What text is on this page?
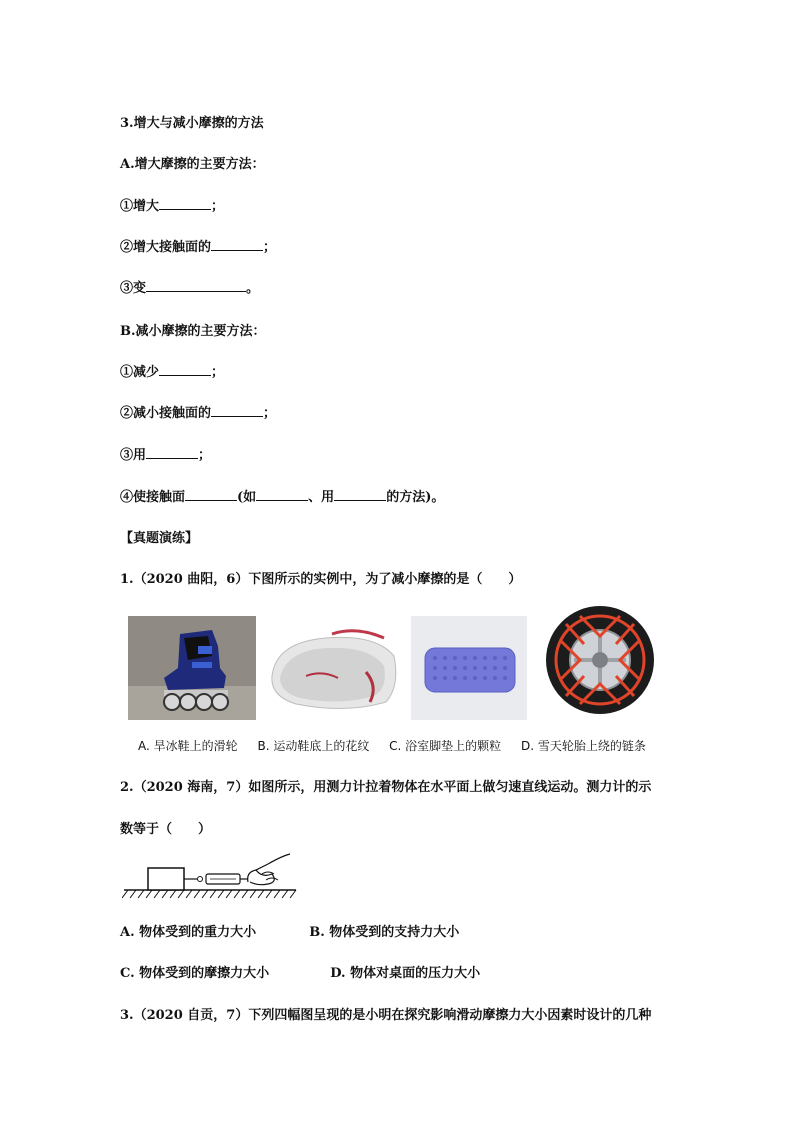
3.增大与减小摩擦的方法
A.增大摩擦的主要方法：
①增大	；
②增大接触面的	；
③变	。
B.减小摩擦的主要方法：
①减少	；
②减小接触面的	；
③用	；
④使接触面	(如	、用	的方法)。
【真题演练】
1.（2020 曲阳，6）下图所示的实例中，为了减小摩擦的是（　　）
A. 旱冰鞋上的滑轮 B. 运动鞋底上的花纹 C. 浴室脚垫上的颗粒 D. 雪天轮胎上绕的链条
2.（2020 海南，7）如图所示，用测力计拉着物体在水平面上做匀速直线运动。测力计的示
数等于（　　）
A. 物体受到的重力大小	B. 物体受到的支持力大小
C. 物体受到的摩擦力大小	D. 物体对桌面的压力大小
3.（2020 自贡，7）下列四幅图呈现的是小明在探究影响滑动摩擦力大小因素时设计的几种
